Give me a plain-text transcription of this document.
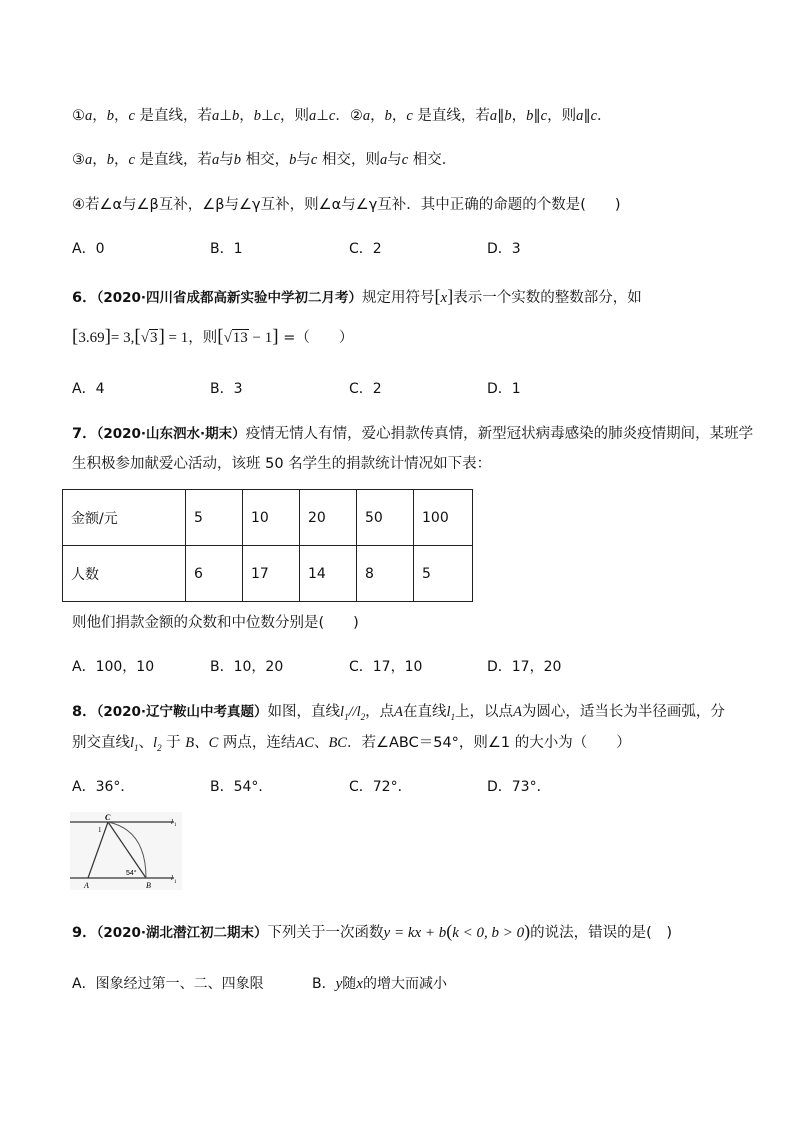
①a，b，c 是直线，若a⊥b，b⊥c，则a⊥c．②a，b，c 是直线，若a∥b，b∥c，则a∥c．
③a，b，c 是直线，若a与b 相交，b与c 相交，则a与c 相交．
④若∠α与∠β互补，∠β与∠γ互补，则∠α与∠γ互补．其中正确的命题的个数是(　　)
A．0	B．1	C．2	D．3
6．（2020·四川省成都高新实验中学初二月考）规定用符号[x]表示一个实数的整数部分，如
[3.69]= 3,[√3] = 1，则[√13 − 1] =（　　）
A．4	B．3	C．2	D．1
7．（2020·山东泗水·期末）疫情无情人有情，爱心捐款传真情，新型冠状病毒感染的肺炎疫情期间，某班学
生积极参加献爱心活动，该班 50 名学生的捐款统计情况如下表：
金额/元	5	10	20	50	100
人数	6	17	14	8	5
则他们捐款金额的众数和中位数分别是(　　)
A．100，10	B．10，20	C．17，10	D．17，20
8．（2020·辽宁鞍山中考真题）如图，直线$l_1//l_2$，点A在直线$l_1$上，以点A为圆心，适当长为半径画弧，分
别交直线$l_1$、$l_2$ 于 B、C 两点，连结AC、BC．若∠ABC＝54°，则∠1 的大小为（　　）
A．36°．	B．54°．	C．72°．	D．73°．
C
1
A	B
54°
l 1
l
1
9．（2020·湖北潜江初二期末）下列关于一次函数y = kx + b(k < 0, b > 0)的说法，错误的是(　)
A．图象经过第一、二、四象限	B．y随x的增大而减小
